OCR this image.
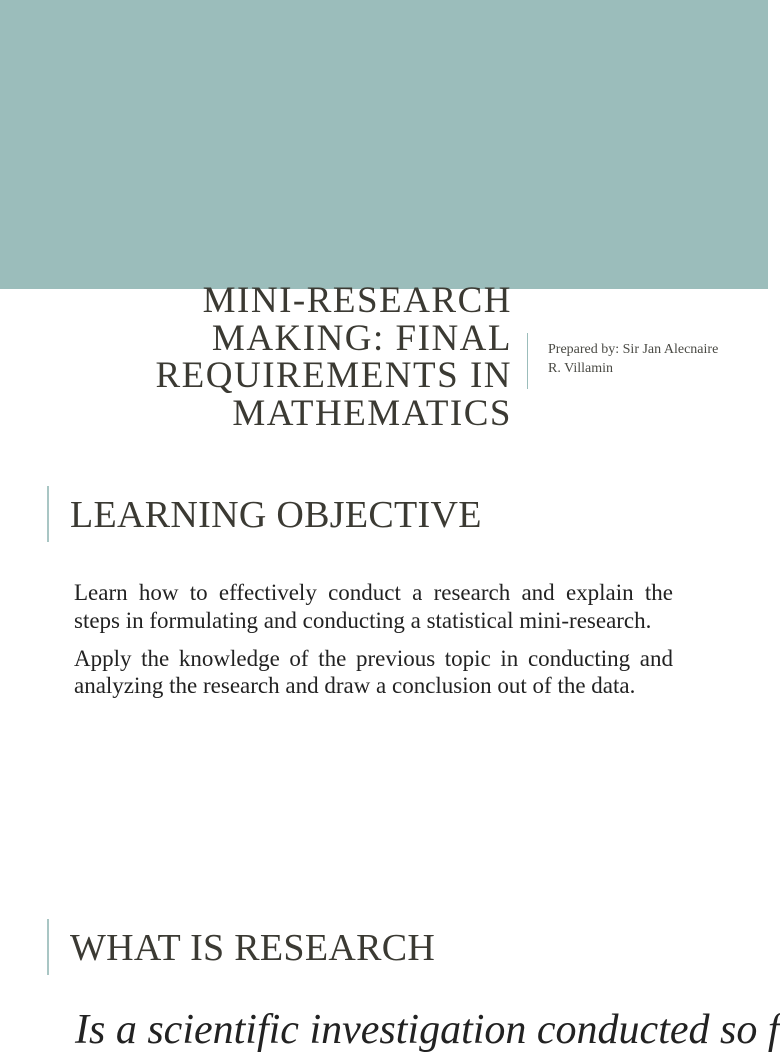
MINI-RESEARCH
MAKING: FINAL
REQUIREMENTS IN
MATHEMATICS
Prepared by: Sir Jan Alecnaire
R. Villamin
LEARNING OBJECTIVE

Learn how to effectively conduct a research and explain the steps in formulating and conducting a statistical mini-research.

Apply the knowledge of the previous topic in conducting and analyzing the research and draw a conclusion out of the data.

WHAT IS RESEARCH
Is a scientific investigation conducted so f
